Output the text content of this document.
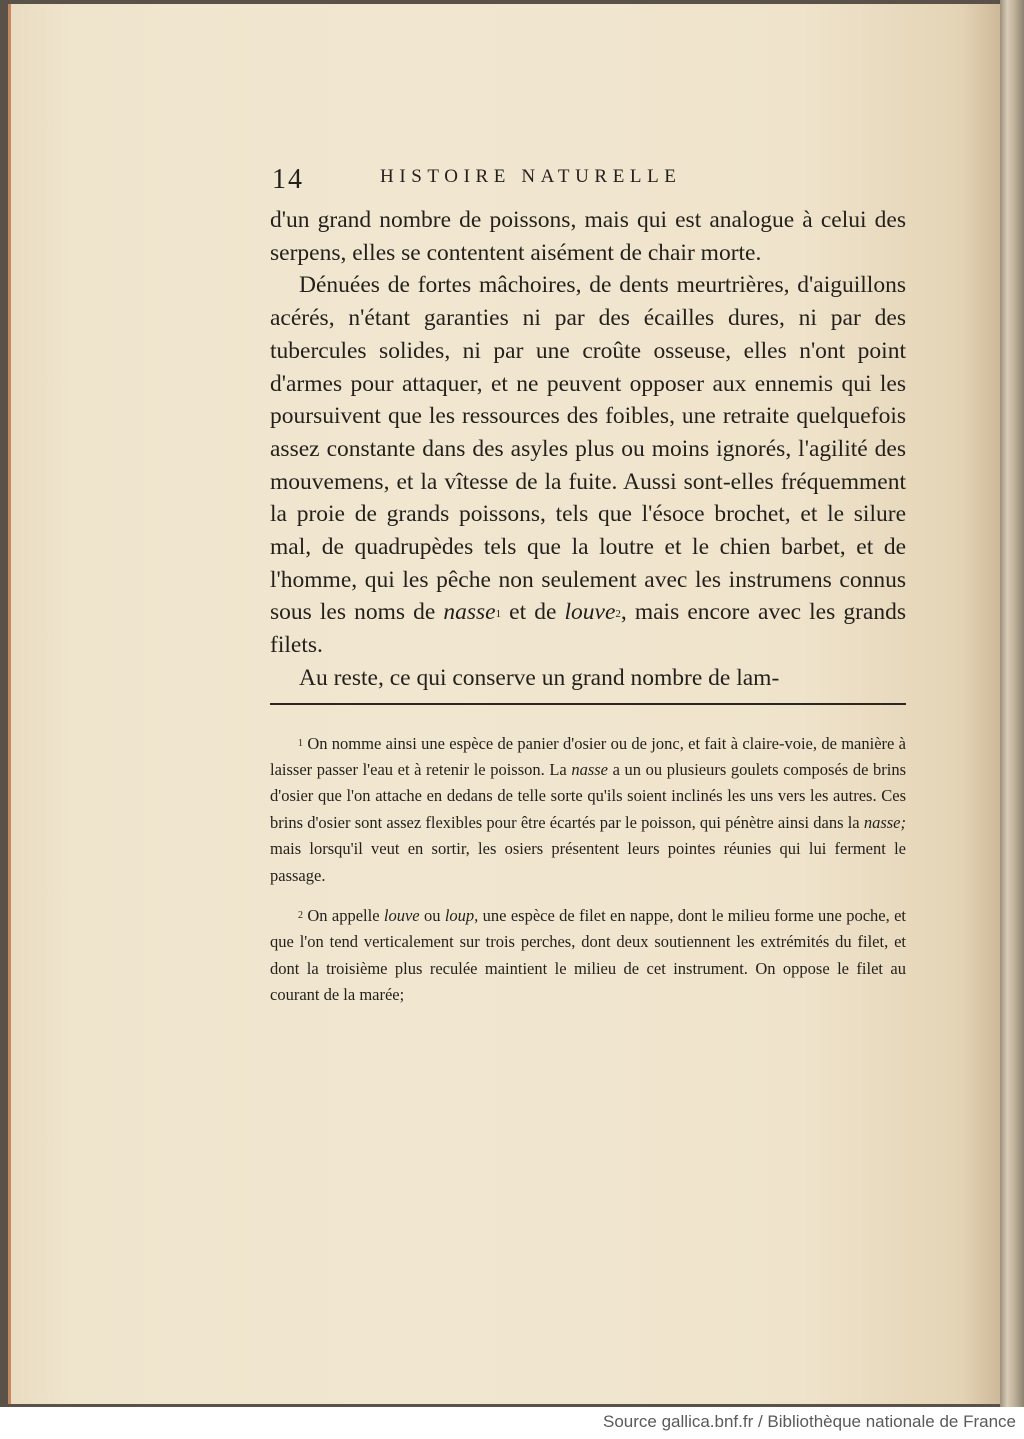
14	HISTOIRE NATURELLE

d'un grand nombre de poissons, mais qui est analogue à celui des serpens, elles se contentent aisément de chair morte.

Dénuées de fortes mâchoires, de dents meurtrières, d'aiguillons acérés, n'étant garanties ni par des écailles dures, ni par des tubercules solides, ni par une croûte osseuse, elles n'ont point d'armes pour attaquer, et ne peuvent opposer aux ennemis qui les poursuivent que les ressources des foibles, une retraite quelquefois assez constante dans des asyles plus ou moins ignorés, l'agilité des mouvemens, et la vîtesse de la fuite. Aussi sont-elles fréquemment la proie de grands poissons, tels que l'ésoce brochet, et le silure mal, de quadrupèdes tels que la loutre et le chien barbet, et de l'homme, qui les pêche non seulement avec les instrumens connus sous les noms de nasse$^1$ et de louve$^2$, mais encore avec les grands filets.

Au reste, ce qui conserve un grand nombre de lam-

$^1$ On nomme ainsi une espèce de panier d'osier ou de jonc, et fait à claire-voie, de manière à laisser passer l'eau et à retenir le poisson. La nasse a un ou plusieurs goulets composés de brins d'osier que l'on attache en dedans de telle sorte qu'ils soient inclinés les uns vers les autres. Ces brins d'osier sont assez flexibles pour être écartés par le poisson, qui pénètre ainsi dans la nasse; mais lorsqu'il veut en sortir, les osiers présentent leurs pointes réunies qui lui ferment le passage.

$^2$ On appelle louve ou loup, une espèce de filet en nappe, dont le milieu forme une poche, et que l'on tend verticalement sur trois perches, dont deux soutiennent les extrémités du filet, et dont la troisième plus reculée maintient le milieu de cet instrument. On oppose le filet au courant de la marée;

Source gallica.bnf.fr / Bibliothèque nationale de France
